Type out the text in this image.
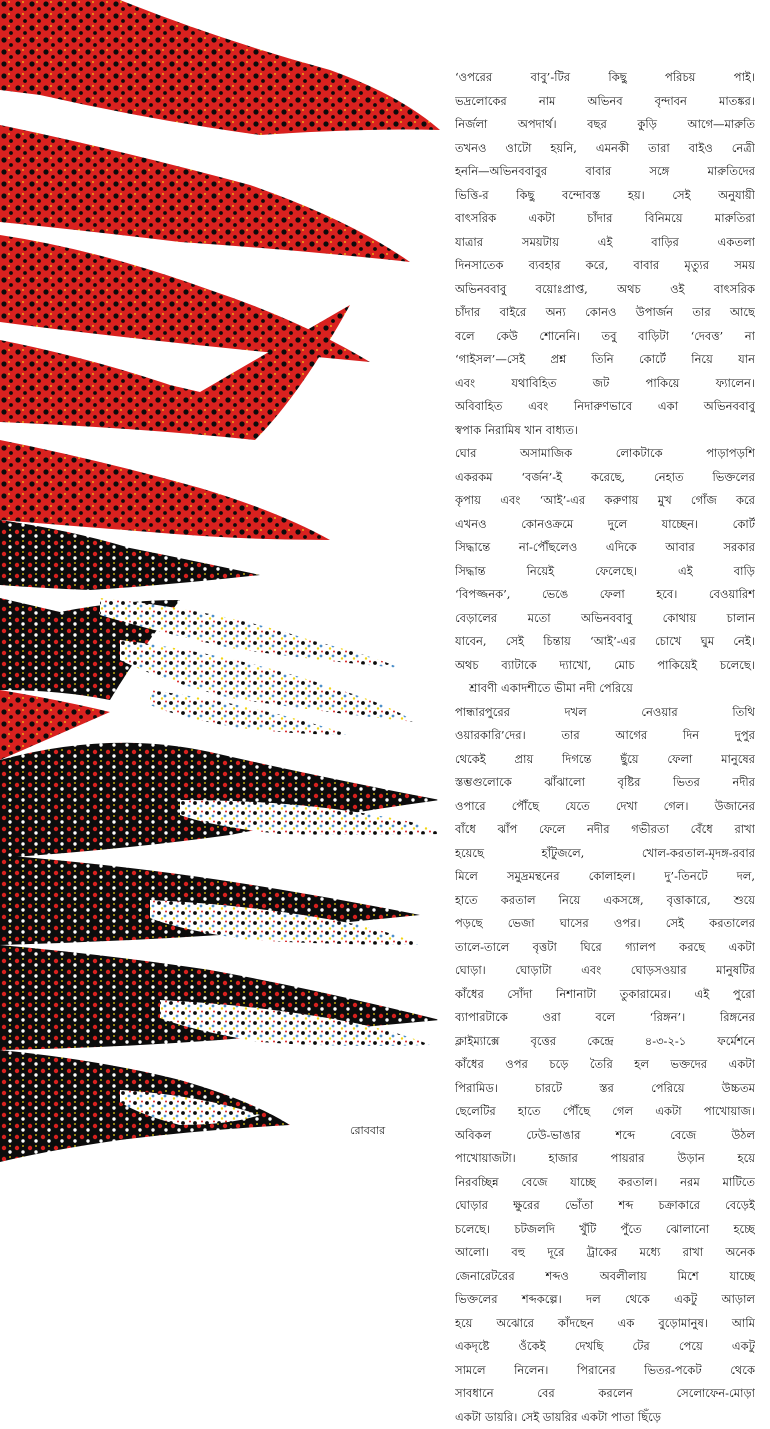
‘ওপরের বাবু’-টির কিছু পরিচয় পাই।
ভদ্রলোকের নাম অভিনব বৃন্দাবন মাতঙ্কর।
নির্জলা অপদার্থ। বছর কুড়ি আগে—মারুতি
তখনও ওাটো হয়নি, এমনকী তারা বাইও নেত্রী
হননি—অভিনববাবুর বাবার সঙ্গে মারুতিদের
ভিত্তি-র কিছু বন্দোবস্ত হয়। সেই অনুযায়ী
বাৎসরিক একটা চাঁদার বিনিময়ে মারুতিরা
যাত্রার সময়টায় এই বাড়ির একতলা
দিনসাতেক ব্যবহার করে, বাবার মৃত্যুর সময়
অভিনববাবু বয়োঃপ্রাপ্ত, অথচ ওই বাৎসরিক
চাঁদার বাইরে অন্য কোনও উপার্জন তার আছে
বলে কেউ শোনেনি। তবু বাড়িটা ‘দেবত্ত’ না
‘গাইসল’—সেই প্রশ্ন তিনি কোর্টে নিয়ে যান
এবং যথাবিহিত জট পাকিয়ে ফ্যালেন।
অবিবাহিত এবং নিদারুণভাবে একা অভিনববাবু
স্বপাক নিরামিষ খান বাধ্যত।
ঘোর অসামাজিক লোকটাকে পাড়াপড়শি
একরকম ‘বর্জন’-ই করেছে, নেহাত ভিক্তলের
কৃপায় এবং ‘আই’-এর করুণায় মুখ গোঁজ করে
এখনও কোনওক্রমে দুলে যাচ্ছেন। কোর্ট
সিদ্ধান্তে না-পৌঁছলেও এদিকে আবার সরকার
সিদ্ধান্ত নিয়েই ফেলেছে। এই বাড়ি
‘বিপজ্জনক’, ভেঙে ফেলা হবে। বেওয়ারিশ
বেড়ালের মতো অভিনববাবু কোথায় চালান
যাবেন, সেই চিন্তায় ‘আই’-এর চোখে ঘুম নেই।
অথচ ব্যাটাকে দ্যাখো, মোচ পাকিয়েই চলেছে।
শ্রাবণী একাদশীতে ভীমা নদী পেরিয়ে
পান্ধারপুরের দখল নেওয়ার তিথি
ওয়ারকারি’দের। তার আগের দিন দুপুর
থেকেই প্রায় দিগন্তে ছুঁয়ে ফেলা মানুষের
স্তম্ভগুলোকে ঝাঁঝালো বৃষ্টির ভিতর নদীর
ওপারে পৌঁছে যেতে দেখা গেল। উজানের
বাঁধে ঝাঁপ ফেলে নদীর গভীরতা বেঁধে রাখা
হয়েছে হাঁটুজলে, খোল-করতাল-মৃদঙ্গ-রবার
মিলে সমুদ্রমন্থনের কোলাহল। দু’-তিনটে দল,
হাতে করতাল নিয়ে একসঙ্গে, বৃত্তাকারে, শুয়ে
পড়ছে ভেজা ঘাসের ওপর। সেই করতালের
তালে-তালে বৃত্তটা ঘিরে গ্যালপ করছে একটা
ঘোড়া। ঘোড়াটা এবং ঘোড়সওয়ার মানুষটির
কাঁধের সোঁদা নিশানাটা তুকারামের। এই পুরো
ব্যাপারটাকে ওরা বলে ‘রিঙ্গন’। রিঙ্গনের
ক্লাইম্যাক্সে বৃত্তের কেন্দ্রে ৪-৩-২-১ ফর্মেশনে
কাঁধের ওপর চড়ে তৈরি হল ভক্তদের একটা
পিরামিড। চারটে স্তর পেরিয়ে উচ্চতম
ছেলেটির হাতে পৌঁছে গেল একটা পাখোয়াজ।
অবিকল ঢেউ-ভাঙার শব্দে বেজে উঠল
পাখোয়াজটা। হাজার পায়রার উড়ান হয়ে
নিরবচ্ছিন্ন বেজে যাচ্ছে করতাল। নরম মাটিতে
ঘোড়ার ক্ষুরের ভোঁতা শব্দ চক্রাকারে বেড়েই
চলেছে। চটজলদি খুঁটি পুঁতে ঝোলানো হচ্ছে
আলো। বহু দূরে ট্রাকের মধ্যে রাখা অনেক
জেনারেটরের শব্দও অবলীলায় মিশে যাচ্ছে
ভিক্তলের শব্দকল্পে। দল থেকে একটু আড়াল
হয়ে অঝোরে কাঁদছেন এক বুড়োমানুষ। আমি
একদৃষ্টে ওঁকেই দেখছি টের পেয়ে একটু
সামলে নিলেন। পিরানের ভিতর-পকেট থেকে
সাবধানে বের করলেন সেলোফেন-মোড়া
একটা ডায়রি। সেই ডায়রির একটা পাতা ছিঁড়ে
রোববার
